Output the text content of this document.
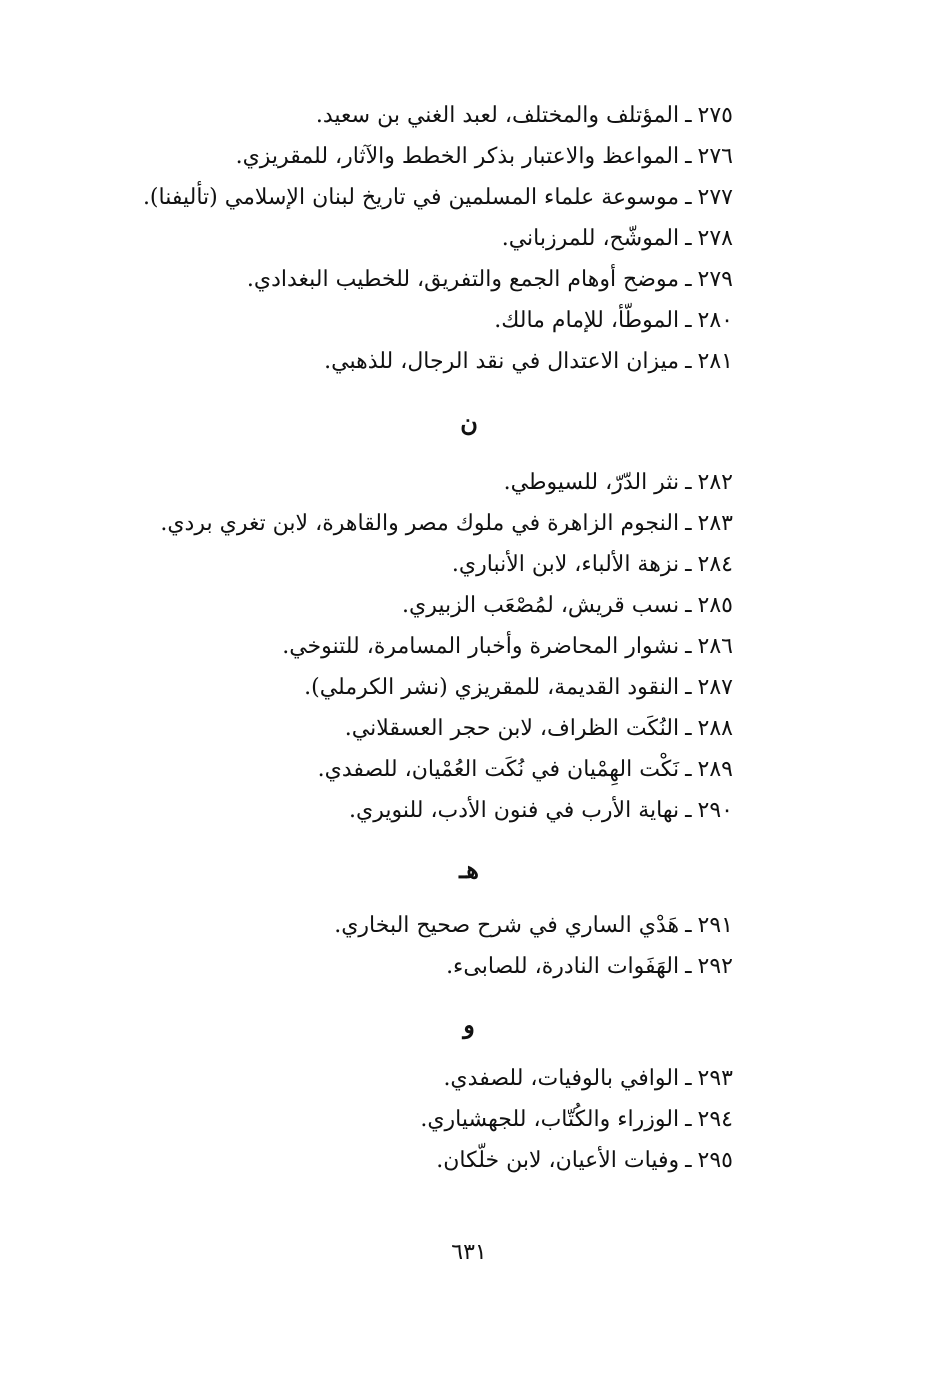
٢٧٥ـالمؤتلف والمختلف، لعبد الغني بن سعيد.
٢٧٦ـالمواعظ والاعتبار بذكر الخطط والآثار، للمقريزي.
٢٧٧ـموسوعة علماء المسلمين في تاريخ لبنان الإسلامي (تأليفنا).
٢٧٨ـالموشّح، للمرزباني.
٢٧٩ـموضح أوهام الجمع والتفريق، للخطيب البغدادي.
٢٨٠ـالموطّأ، للإمام مالك.
٢٨١ـميزان الاعتدال في نقد الرجال، للذهبي.
ن
٢٨٢ـنثر الدّرّ، للسيوطي.
٢٨٣ـالنجوم الزاهرة في ملوك مصر والقاهرة، لابن تغري بردي.
٢٨٤ـنزهة الألباء، لابن الأنباري.
٢٨٥ـنسب قريش، لمُصْعَب الزبيري.
٢٨٦ـنشوار المحاضرة وأخبار المسامرة، للتنوخي.
٢٨٧ـالنقود القديمة، للمقريزي (نشر الكرملي).
٢٨٨ـالنُكَت الظراف، لابن حجر العسقلاني.
٢٨٩ـنَكْت الهِمْيان في نُكَت العُمْيان، للصفدي.
٢٩٠ـنهاية الأرب في فنون الأدب، للنويري.
هـ
٢٩١ـهَدْي الساري في شرح صحيح البخاري.
٢٩٢ـالهَفَوات النادرة، للصابىء.
و
٢٩٣ـالوافي بالوفيات، للصفدي.
٢٩٤ـالوزراء والكُتّاب، للجهشياري.
٢٩٥ـوفيات الأعيان، لابن خلّكان.
٦٣١
